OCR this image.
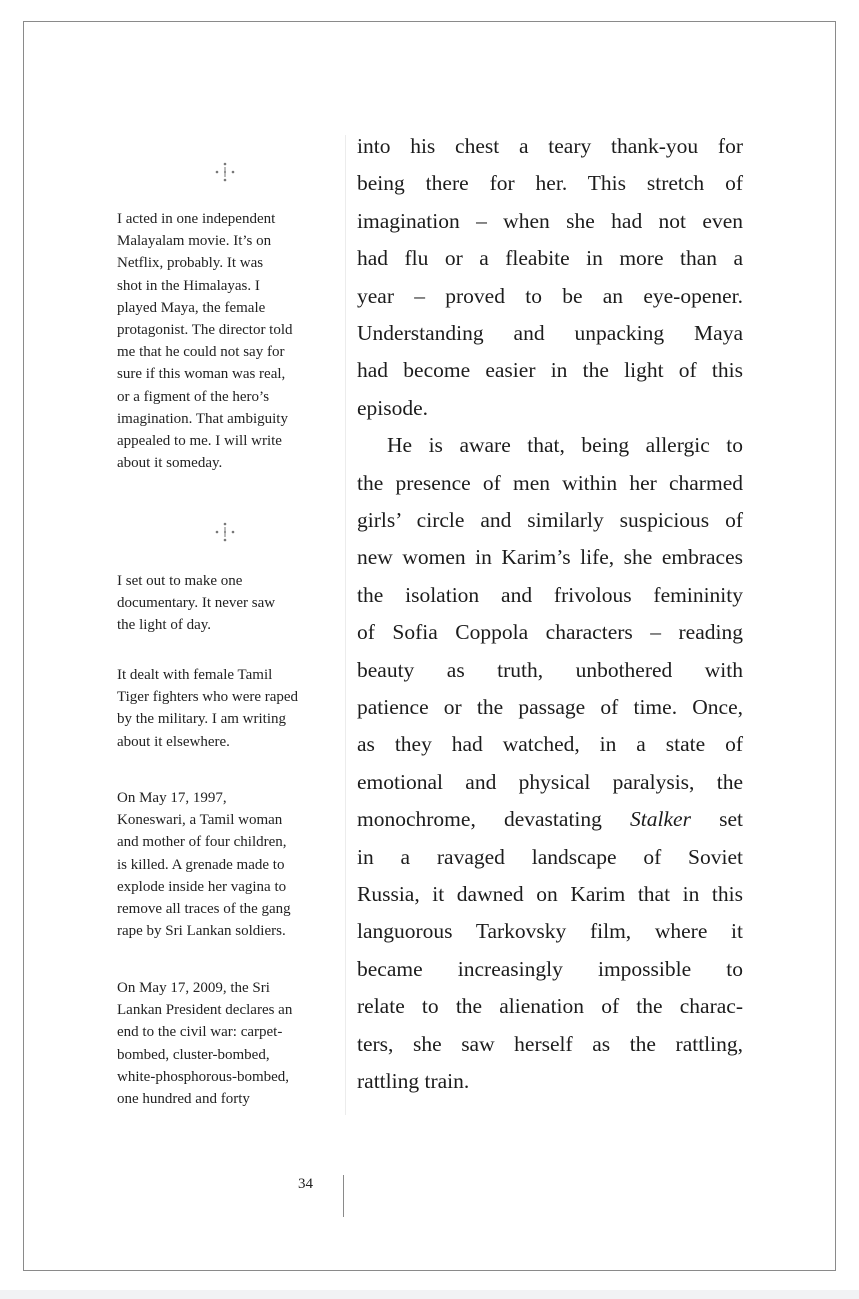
I acted in one independent
Malayalam movie. It’s on
Netflix, probably. It was
shot in the Himalayas. I
played Maya, the female
protagonist. The director told
me that he could not say for
sure if this woman was real,
or a figment of the hero’s
imagination. That ambiguity
appealed to me. I will write
about it someday.
I set out to make one
documentary. It never saw
the light of day.
It dealt with female Tamil
Tiger fighters who were raped
by the military. I am writing
about it elsewhere.
On May 17, 1997,
Koneswari, a Tamil woman
and mother of four children,
is killed. A grenade made to
explode inside her vagina to
remove all traces of the gang
rape by Sri Lankan soldiers.
On May 17, 2009, the Sri
Lankan President declares an
end to the civil war: carpet-
bombed, cluster-bombed,
white-phosphorous-bombed,
one hundred and forty
into his chest a teary thank-you for
being there for her. This stretch of
imagination – when she had not even
had flu or a fleabite in more than a
year – proved to be an eye-opener.
Understanding and unpacking Maya
had become easier in the light of this
episode.
He is aware that, being allergic to
the presence of men within her charmed
girls’ circle and similarly suspicious of
new women in Karim’s life, she embraces
the isolation and frivolous femininity
of Sofia Coppola characters – reading
beauty as truth, unbothered with
patience or the passage of time. Once,
as they had watched, in a state of
emotional and physical paralysis, the
monochrome, devastating Stalker set
in a ravaged landscape of Soviet
Russia, it dawned on Karim that in this
languorous Tarkovsky film, where it
became increasingly impossible to
relate to the alienation of the charac-
ters, she saw herself as the rattling,
rattling train.
34
